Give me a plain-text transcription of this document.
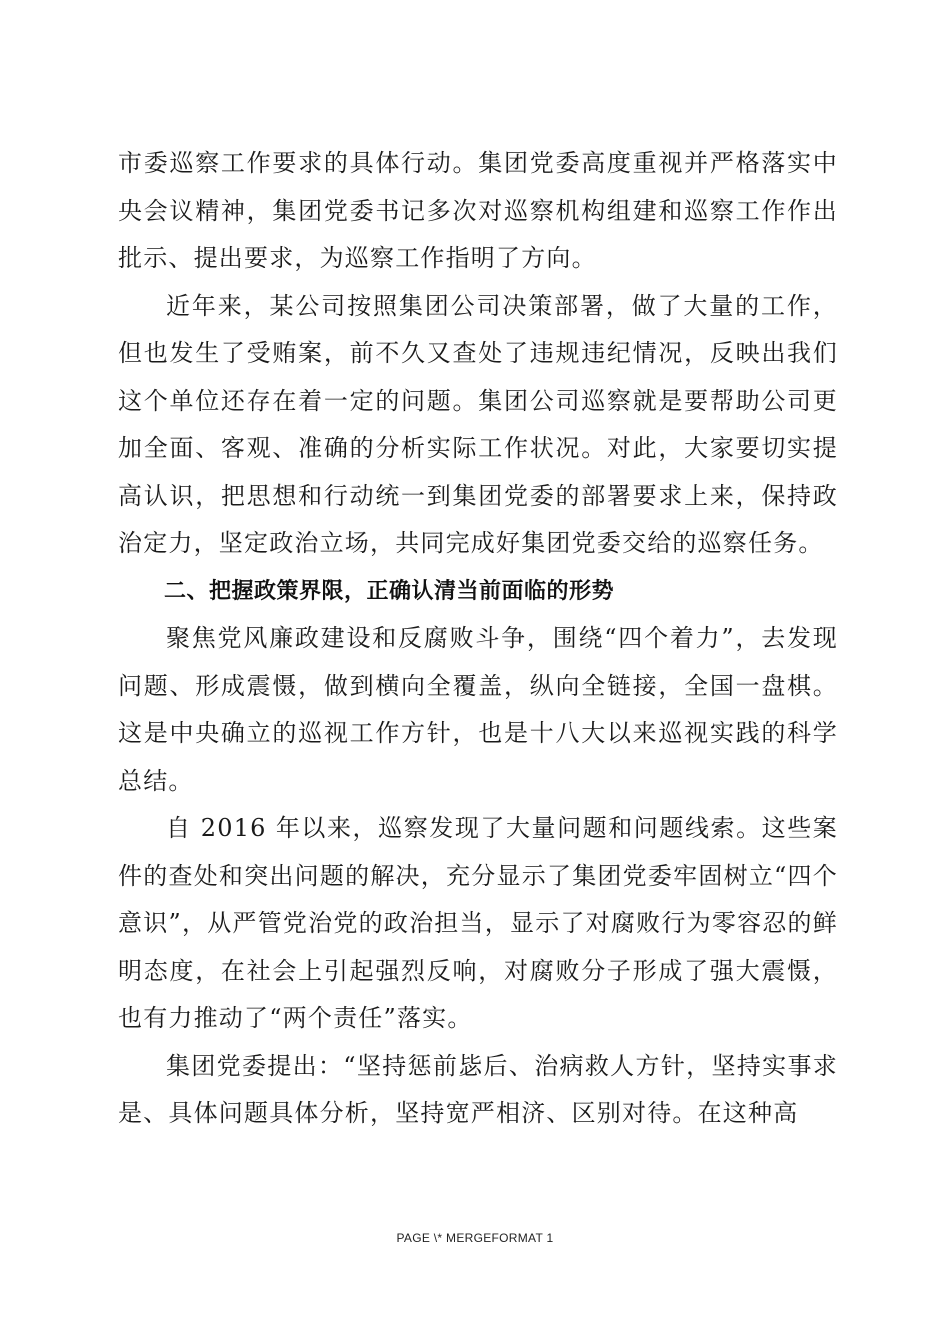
市委巡察工作要求的具体行动。集团党委高度重视并严格落实中央会议精神，集团党委书记多次对巡察机构组建和巡察工作作出批示、提出要求，为巡察工作指明了方向。

近年来，某公司按照集团公司决策部署，做了大量的工作，但也发生了受贿案，前不久又查处了违规违纪情况，反映出我们这个单位还存在着一定的问题。集团公司巡察就是要帮助公司更加全面、客观、准确的分析实际工作状况。对此，大家要切实提高认识，把思想和行动统一到集团党委的部署要求上来，保持政治定力，坚定政治立场，共同完成好集团党委交给的巡察任务。

二、把握政策界限，正确认清当前面临的形势

聚焦党风廉政建设和反腐败斗争，围绕“四个着力”，去发现问题、形成震慑，做到横向全覆盖，纵向全链接，全国一盘棋。这是中央确立的巡视工作方针，也是十八大以来巡视实践的科学总结。

自 2016 年以来，巡察发现了大量问题和问题线索。这些案件的查处和突出问题的解决，充分显示了集团党委牢固树立“四个意识”，从严管党治党的政治担当，显示了对腐败行为零容忍的鲜明态度，在社会上引起强烈反响，对腐败分子形成了强大震慑，也有力推动了“两个责任”落实。

集团党委提出：“坚持惩前毖后、治病救人方针，坚持实事求是、具体问题具体分析，坚持宽严相济、区别对待。在这种高

PAGE \* MERGEFORMAT 1
